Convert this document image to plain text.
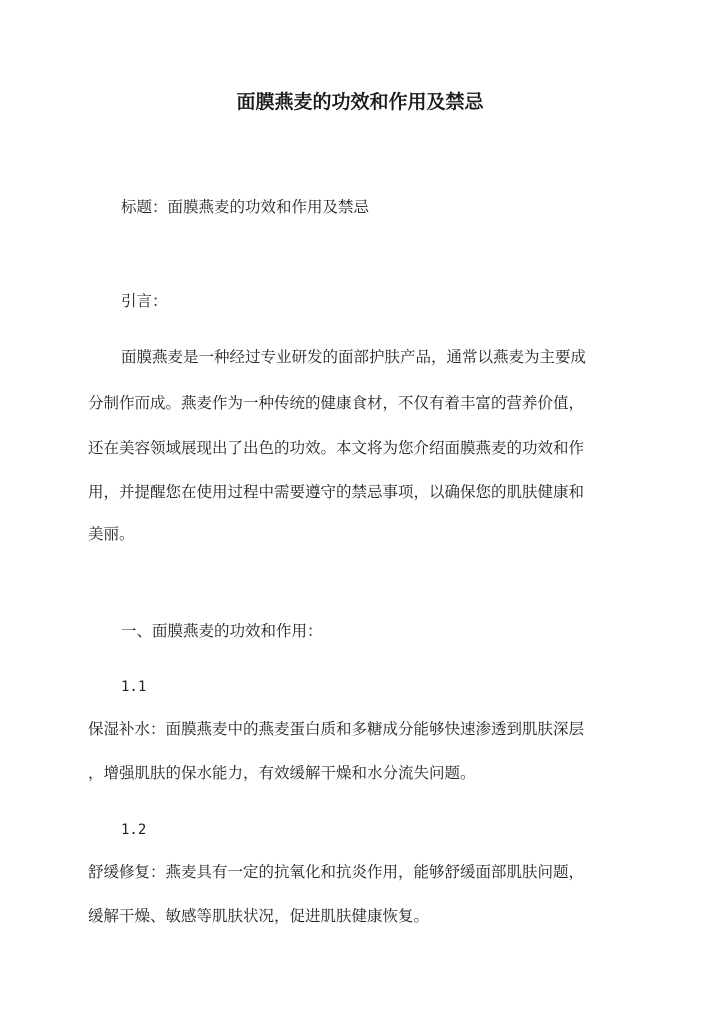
面膜燕麦的功效和作用及禁忌
标题：面膜燕麦的功效和作用及禁忌
引言：
面膜燕麦是一种经过专业研发的面部护肤产品，通常以燕麦为主要成
分制作而成。燕麦作为一种传统的健康食材，不仅有着丰富的营养价值，
还在美容领域展现出了出色的功效。本文将为您介绍面膜燕麦的功效和作
用，并提醒您在使用过程中需要遵守的禁忌事项，以确保您的肌肤健康和
美丽。
一、面膜燕麦的功效和作用：
1.1
保湿补水：面膜燕麦中的燕麦蛋白质和多糖成分能够快速渗透到肌肤深层
，增强肌肤的保水能力，有效缓解干燥和水分流失问题。
1.2
舒缓修复：燕麦具有一定的抗氧化和抗炎作用，能够舒缓面部肌肤问题，
缓解干燥、敏感等肌肤状况，促进肌肤健康恢复。
